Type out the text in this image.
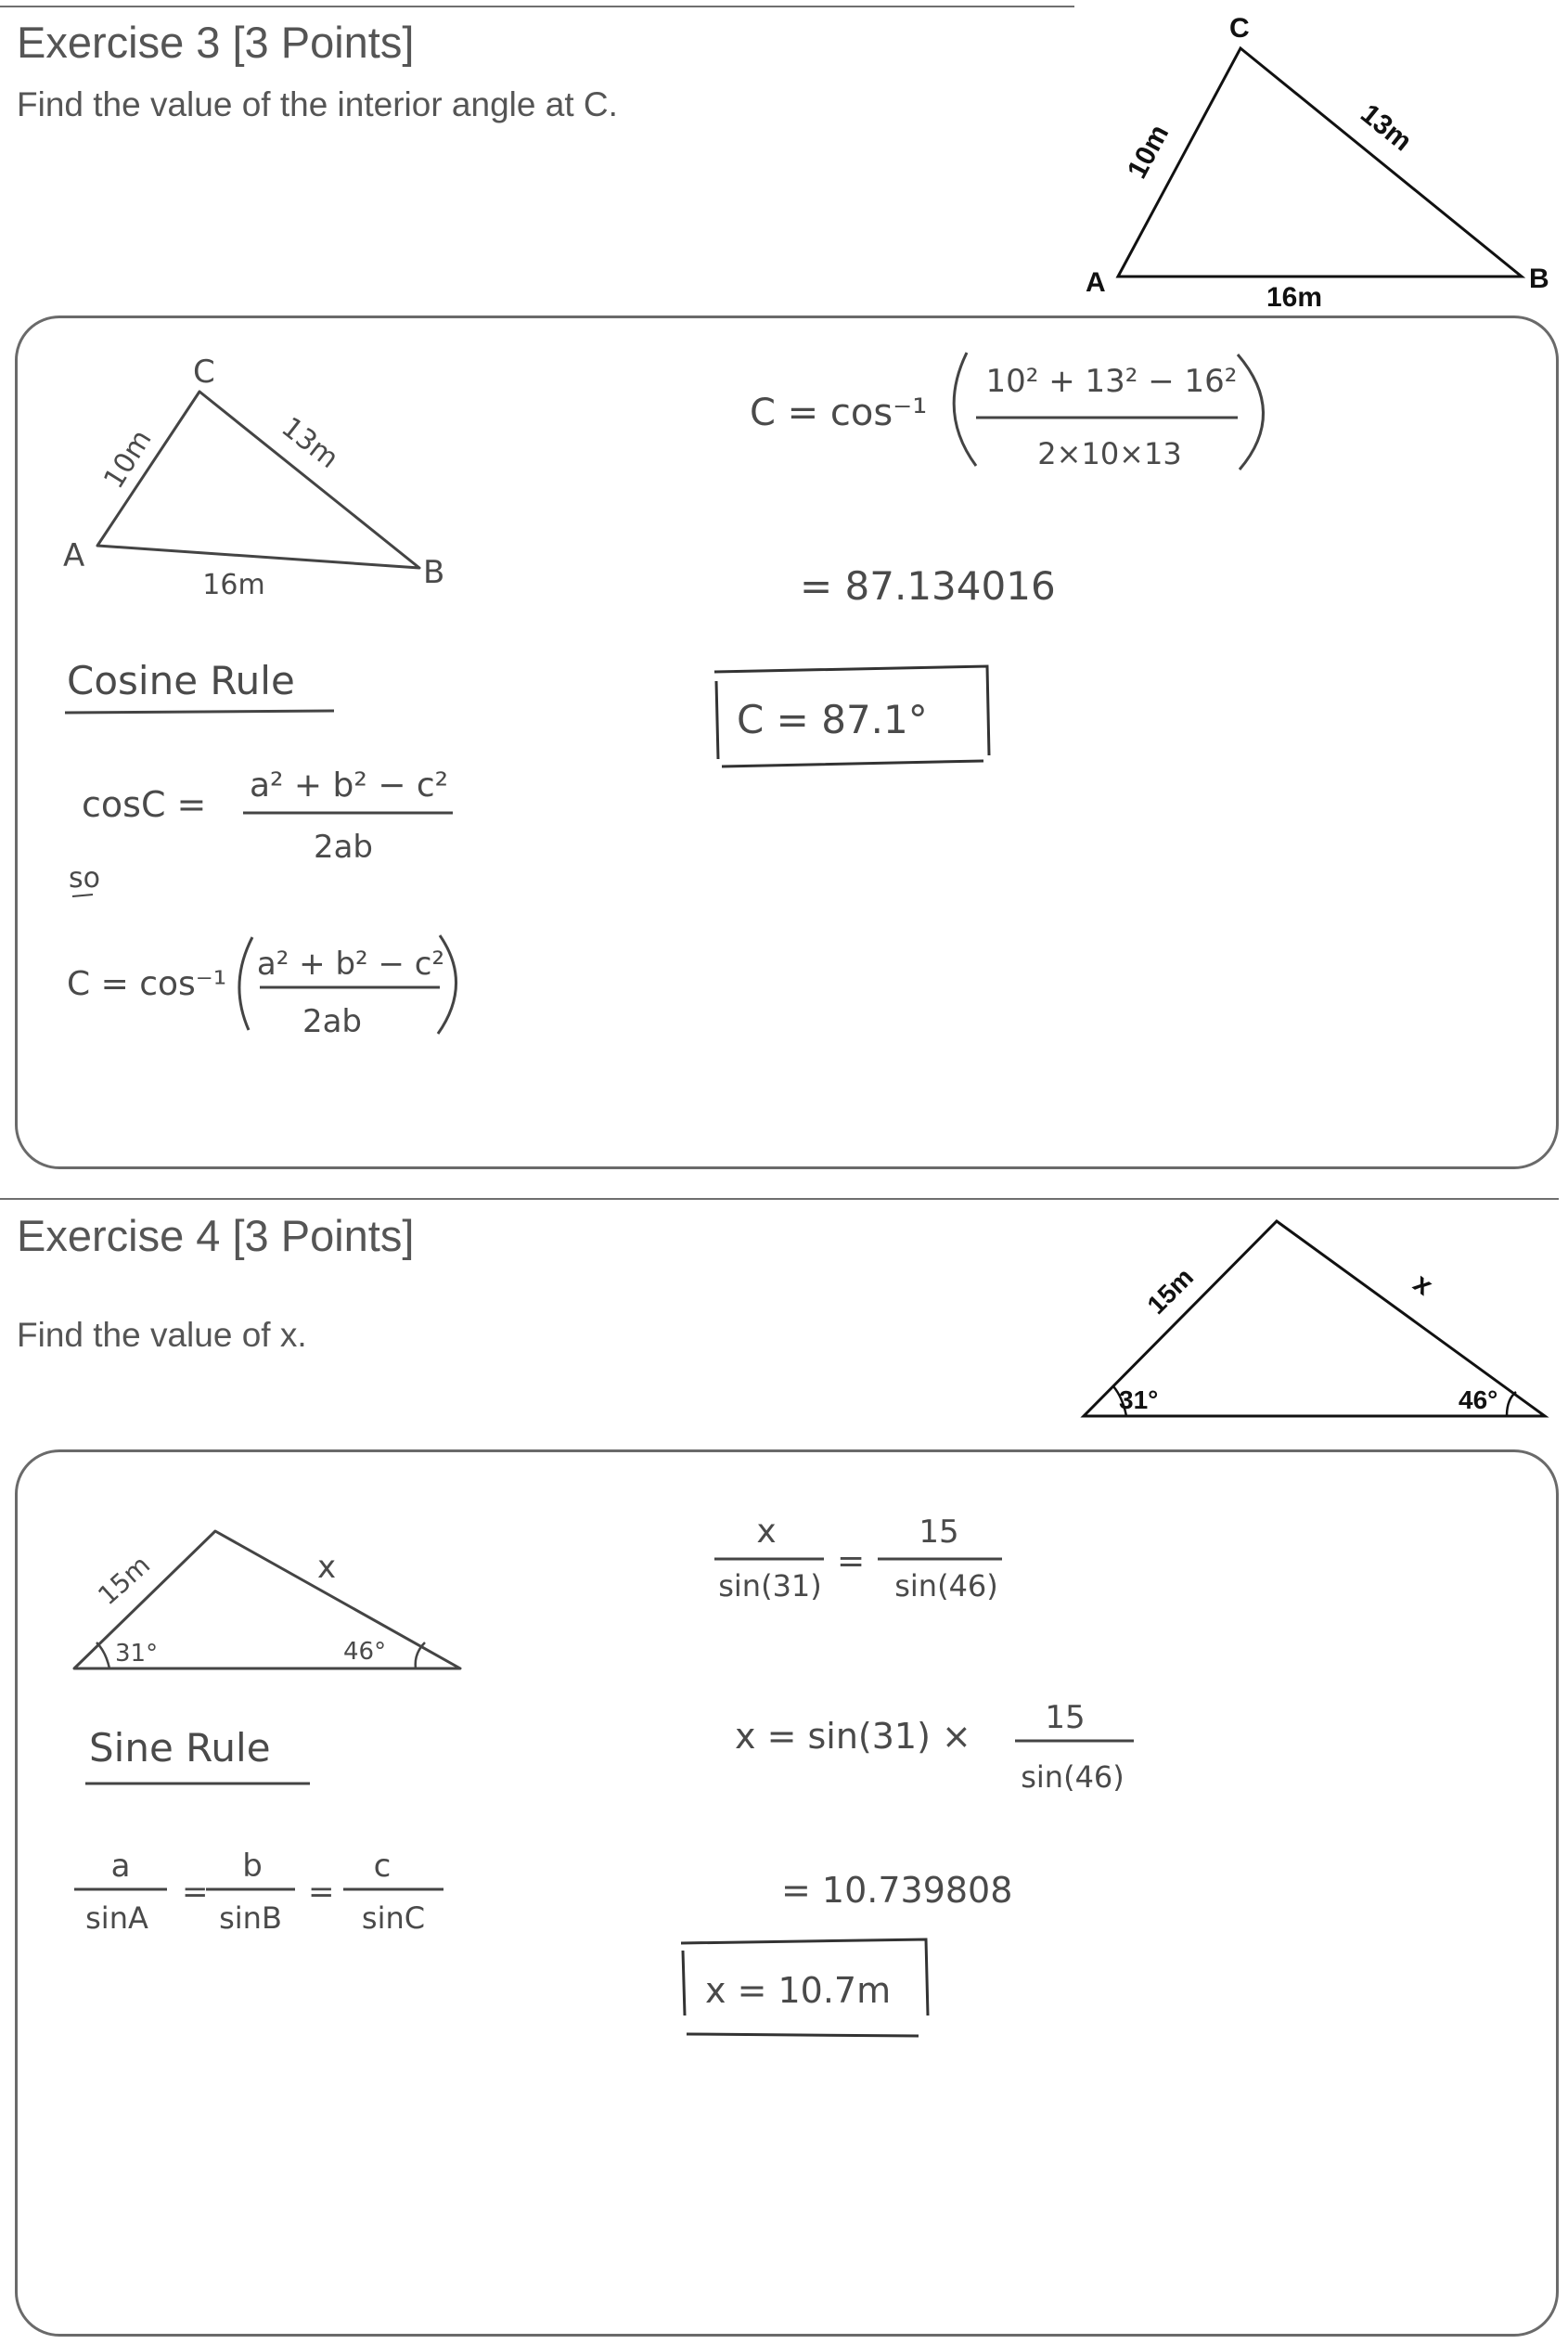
Exercise 3 [3 Points]
Find the value of the interior angle at C.
A	B
C
10m	13m
16m
C
A	B
10m	13m
16m
Cosine Rule
cosC = a² + b² − c²
2ab
so
C = cos⁻¹
a² + b² − c²
2ab
C = cos⁻¹
10² + 13² − 16²
2×10×13
= 87.134016
C = 87.1°
Exercise 4 [3 Points]
Find the value of x.
15m	x
31°	46°
15m	x
31°	46°
Sine Rule
a
sinA
=
b
sinB
=
c
sinC
x
sin(31)
=
15
sin(46)
x = sin(31) × 15
sin(46)
= 10.739808
x = 10.7m
